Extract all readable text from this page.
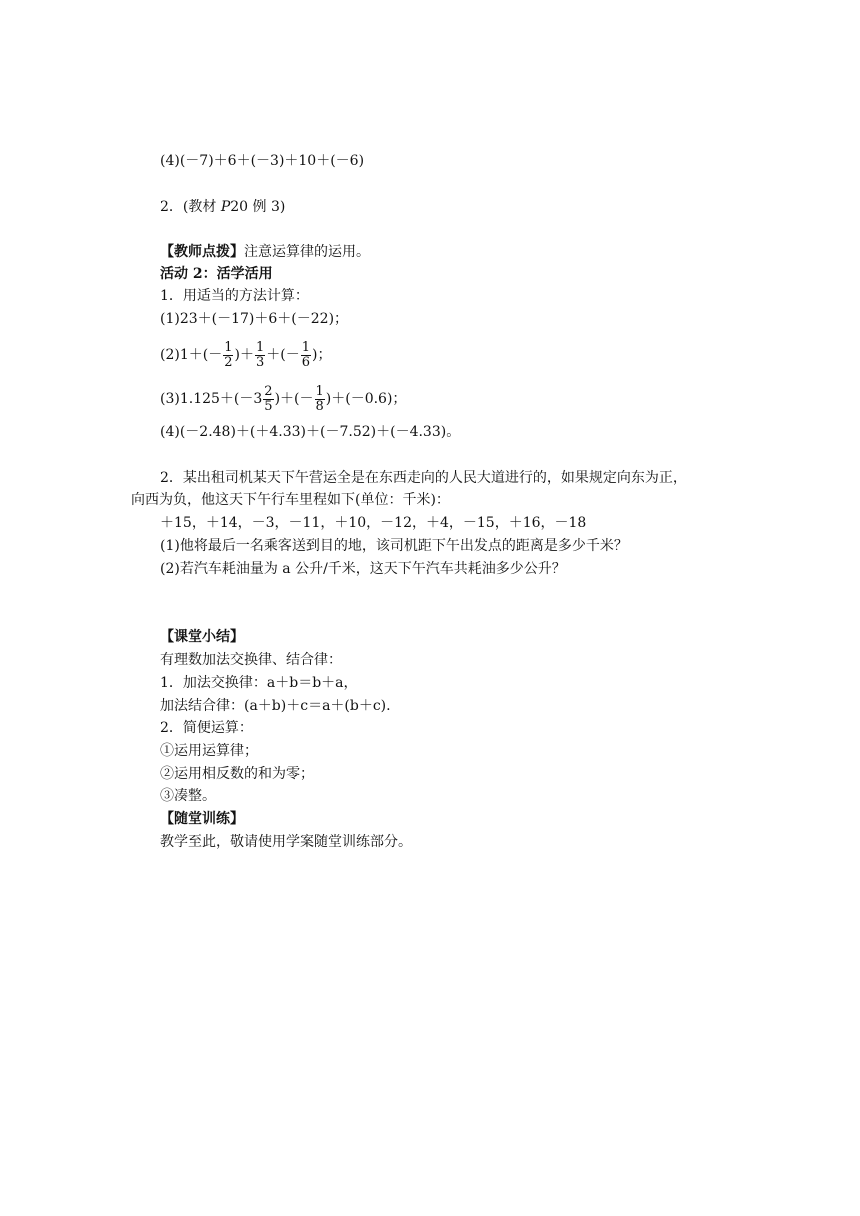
(4)(－7)＋6＋(－3)＋10＋(－6)
2．(教材 P20 例 3)
【教师点拨】注意运算律的运用。
活动 2：活学活用
1．用适当的方法计算：
(1)23＋(－17)＋6＋(－22)；
$(2)1+(- \frac{1}{2}$ )＋ $\frac{1}{3}$ ＋(－ $\frac{1}{6}$ )；
$(3)1.125+(-3 \frac{2}{5}$ )＋(－ $\frac{1}{8} )+(-0.6)$；
(4)(－2.48)＋(＋4.33)＋(－7.52)＋(－4.33)。
2．某出租司机某天下午营运全是在东西走向的人民大道进行的，如果规定向东为正，
向西为负，他这天下午行车里程如下(单位：千米)：
＋15，＋14，－3，－11，＋10，－12，＋4，－15，＋16，－18
(1)他将最后一名乘客送到目的地，该司机距下午出发点的距离是多少千米？
(2)若汽车耗油量为 a 公升/千米，这天下午汽车共耗油多少公升？
【课堂小结】
有理数加法交换律、结合律：
1．加法交换律：a＋b＝b＋a，
加法结合律：(a＋b)＋c＝a＋(b＋c).
2．简便运算：
①运用运算律；
②运用相反数的和为零；
③凑整。
【随堂训练】
教学至此，敬请使用学案随堂训练部分。
